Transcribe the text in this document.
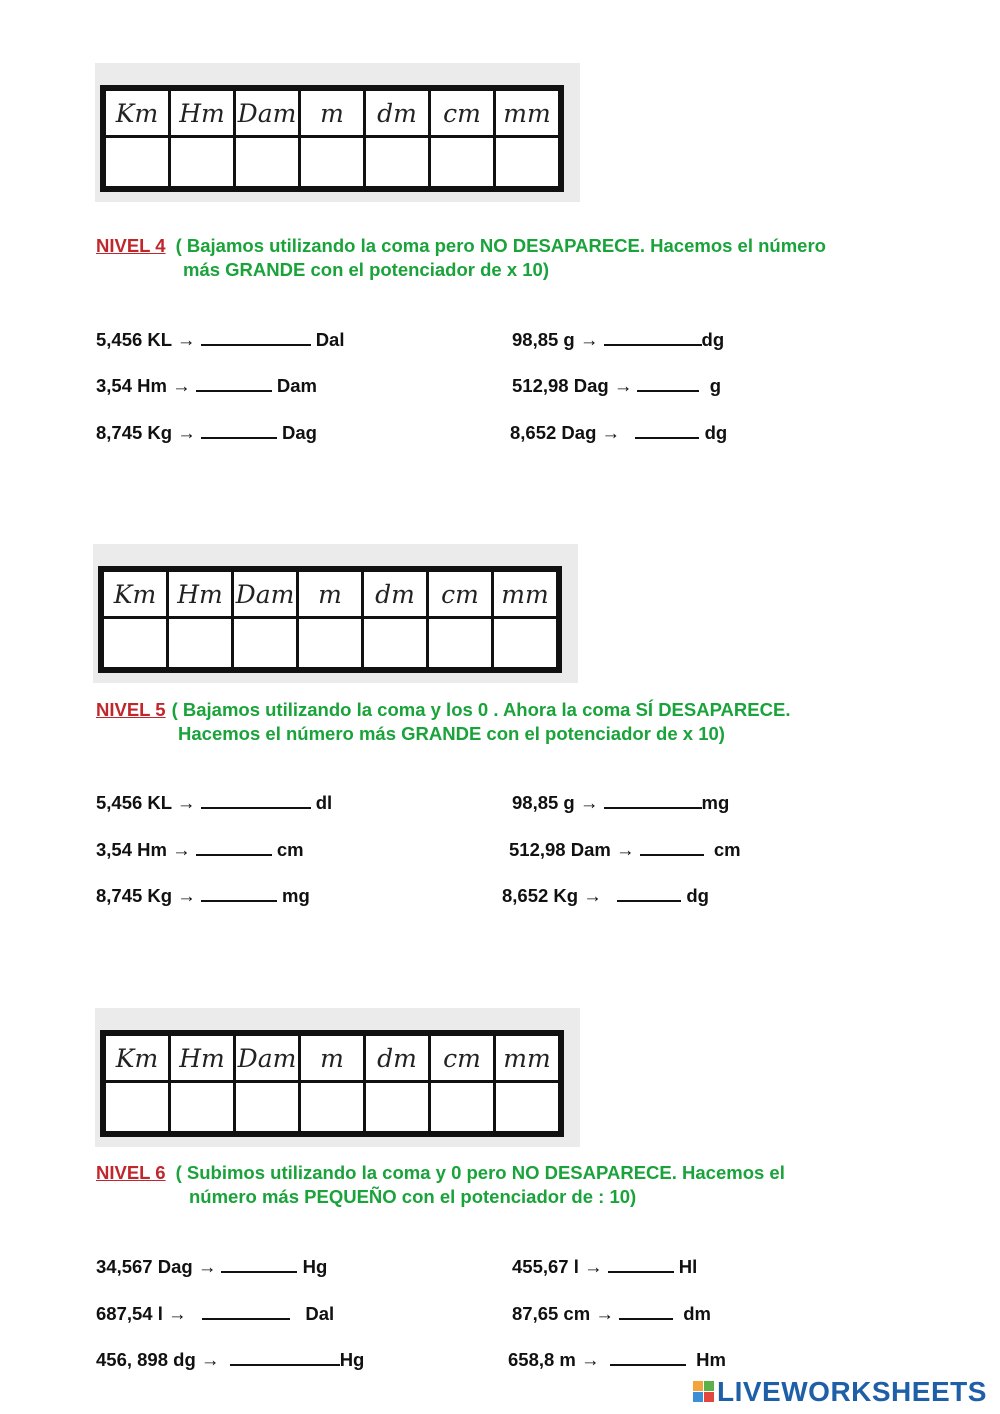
Km	Hm	Dam	m	dm	cm	mm

NIVEL 4 ( Bajamos utilizando la coma pero NO DESAPARECE. Hacemos el número
más GRANDE con el potenciador de x 10)
5,456 KL →	Dal	98,85 g →	dg
3,54 Hm →	Dam	512,98 Dag →	g
8,745 Kg →	Dag	8,652 Dag →	dg
Km	Hm	Dam	m	dm	cm	mm

NIVEL 5 ( Bajamos utilizando la coma y los 0 . Ahora la coma SÍ DESAPARECE.
Hacemos el número más GRANDE con el potenciador de x 10)
5,456 KL →	dl	98,85 g →	mg
3,54 Hm →	cm	512,98 Dam →	cm
8,745 Kg →	mg	8,652 Kg →	dg
Km	Hm	Dam	m	dm	cm	mm

NIVEL 6 ( Subimos utilizando la coma y 0 pero NO DESAPARECE. Hacemos el
número más PEQUEÑO con el potenciador de : 10)
34,567 Dag →	Hg	455,67 l →	Hl
687,54 l →	Dal	87,65 cm →	dm
456, 898 dg →	Hg	658,8 m →	Hm
LIVEWORKSHEETS
